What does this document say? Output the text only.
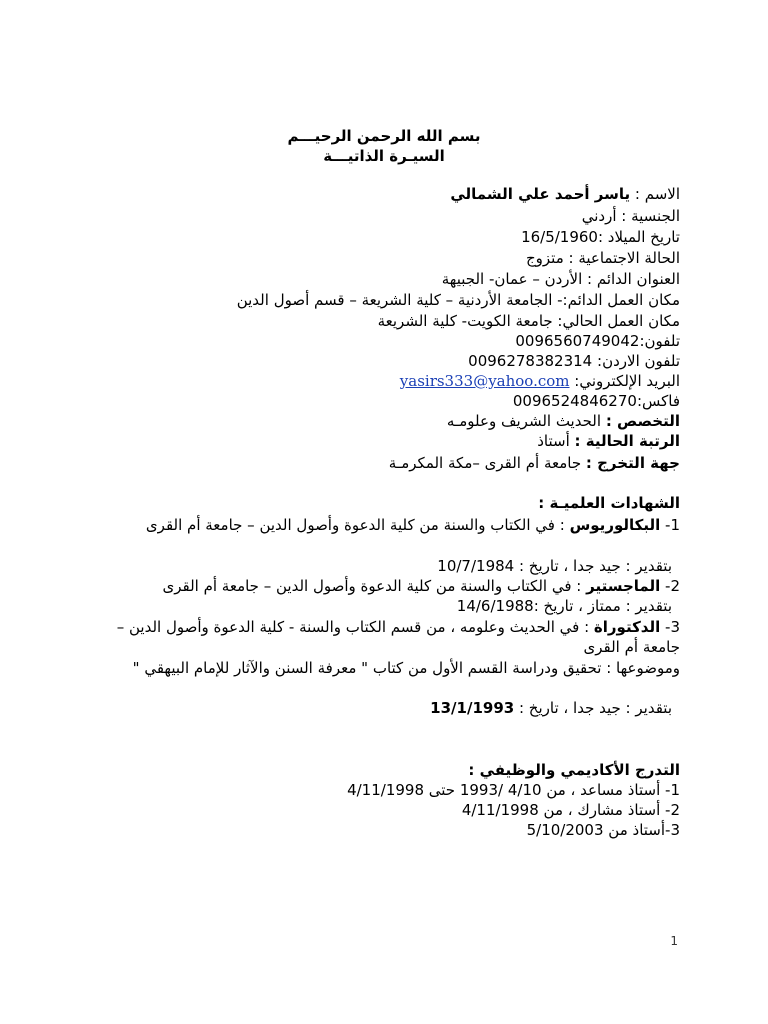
بسم الله الرحمن الرحيـــم
السيـرة الذاتيـــة
الاسم : ياسر أحمد علي الشمالي
الجنسية : أردني
تاريخ الميلاد :16/5/1960
الحالة الاجتماعية : متزوج
العنوان الدائم : الأردن – عمان- الجبيهة
مكان العمل الدائم:- الجامعة الأردنية – كلية الشريعة – قسم أصول الدين
مكان العمل الحالي: جامعة الكويت- كلية الشريعة
تلفون:0096560749042
تلفون الاردن: 0096278382314
البريد الإلكتروني: yasirs333@yahoo.com
فاكس:0096524846270
التخصص : الحديث الشريف وعلومـه
الرتبة الحالية : أستاذ
جهة التخرج : جامعة أم القرى –مكة المكرمـة
الشهادات العلميـة :
1- البكالوريوس : في الكتاب والسنة من كلية الدعوة وأصول الدين – جامعة أم القرى
بتقدير : جيد جدا ، تاريخ : 10/7/1984
2- الماجستير : في الكتاب والسنة من كلية الدعوة وأصول الدين – جامعة أم القرى
بتقدير : ممتاز ، تاريخ :14/6/1988
3- الدكتوراة : في الحديث وعلومه ، من قسم الكتاب والسنة - كلية الدعوة وأصول الدين – جامعة أم القرى
وموضوعها : تحقيق ودراسة القسم الأول من كتاب " معرفة السنن والآثار للإمام البيهقي "
بتقدير : جيد جدا ، تاريخ : 13/1/1993
التدرج الأكاديمي والوظيفي :
1- أستاذ مساعد ، من 4/10 /1993 حتى 4/11/1998
2- أستاذ مشارك ، من 4/11/1998
3-أستاذ من 5/10/2003
1
